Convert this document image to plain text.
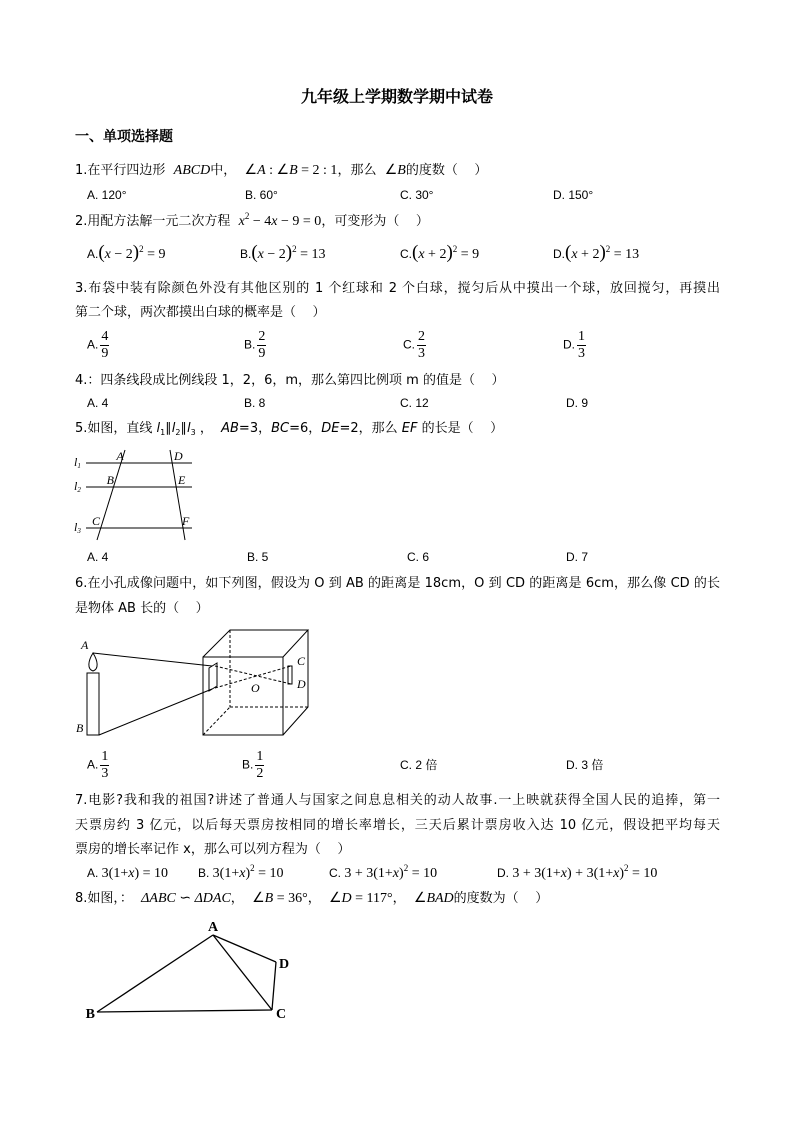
九年级上学期数学期中试卷
一、单项选择题
1.在平行四边形  ABCD中，  ∠A : ∠B = 2 : 1，那么  ∠B的度数（    ）
A. 120°	B. 60°	C. 30°	D. 150°
2.用配方法解一元二次方程  $x^2 - 4x - 9 = 0$，可变形为（    ）
$A.(x - 2)^2 = 9$	$B.(x - 2)^2 = 13$	$C.(x + 2)^2 = 9$	$D.(x + 2)^2 = 13$
3.布袋中装有除颜色外没有其他区别的 1 个红球和 2 个白球，搅匀后从中摸出一个球，放回搅匀，再摸出
第二个球，两次都摸出白球的概率是（    ）
A. $\frac{4}{9}$	B. $\frac{2}{9}$	C. $\frac{2}{3}$	D. $\frac{1}{3}$
4.：四条线段成比例线段 1，2，6，m，那么第四比例项 m 的值是（    ）
A. 4	B. 8	C. 12	D. 9
5.如图，直线 $l_1\parallel l_2\parallel l_3$ ，  AB=3，BC=6，DE=2，那么 EF 的长是（    ）
l1
l2
l3
A
B
C
D
E
F
A. 4	B. 5	C. 6	D. 7
6.在小孔成像问题中，如下列图，假设为 O 到 AB 的距离是 18cm，O 到 CD 的距离是 6cm，那么像 CD 的长
是物体 AB 长的（    ）
A
B
O
C
D
A. $\frac{1}{3}$	B. $\frac{1}{2}$	C. 2 倍	D. 3 倍
7.电影?我和我的祖国?讲述了普通人与国家之间息息相关的动人故事.一上映就获得全国人民的追捧，第一
天票房约 3 亿元，以后每天票房按相同的增长率增长，三天后累计票房收入达 10 亿元，假设把平均每天
票房的增长率记作 x，那么可以列方程为（    ）
A. 3(1+x) = 10 B. $3(1+x)^2 = 10$	C. $3 + 3(1+x)^2 = 10$	D. $3 + 3(1+x) + 3(1+x)^2 = 10$
8.如图，：  ΔABC ∽ ΔDAC，  ∠B = 36°，  ∠D = 117°，  ∠BAD的度数为（    ）
A
B	C
D
